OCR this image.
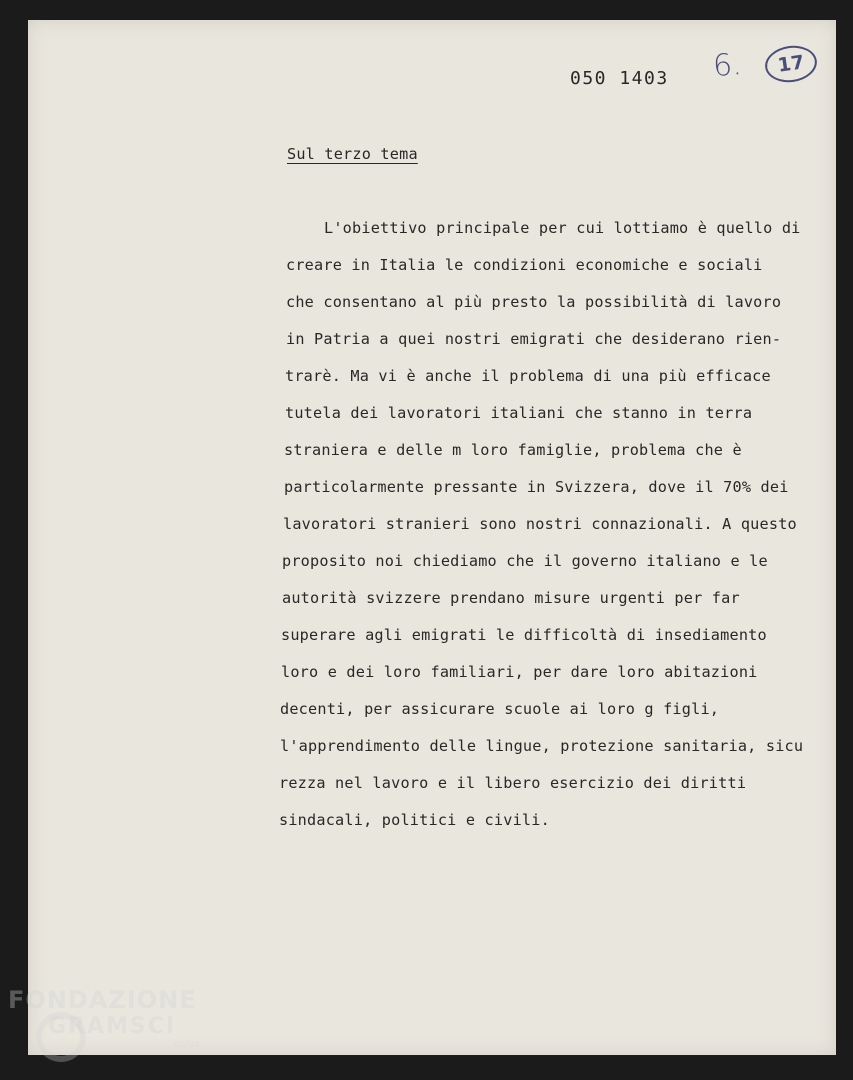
050 1403 6.	17
Sul terzo tema
L'obiettivo principale per cui lottiamo è quello di
creare in Italia le condizioni economiche e sociali
che consentano al più presto la possibilità di lavoro
in Patria a quei nostri emigrati che desiderano rien-
trarè. Ma vi è anche il problema di una più efficace
tutela dei lavoratori italiani che stanno in terra
straniera e delle m loro famiglie, problema che è
particolarmente pressante in Svizzera, dove il 70% dei
lavoratori stranieri sono nostri connazionali. A questo
proposito noi chiediamo che il governo italiano e le
autorità svizzere prendano misure urgenti per far
superare agli emigrati le difficoltà di insediamento
loro e dei loro familiari, per dare loro abitazioni
decenti, per assicurare scuole ai loro g figli,
l'apprendimento delle lingue, protezione sanitaria, sicu
rezza nel lavoro e il libero esercizio dei diritti
sindacali, politici e civili.
FONDAZIONE
GRAMSCI
onlus
